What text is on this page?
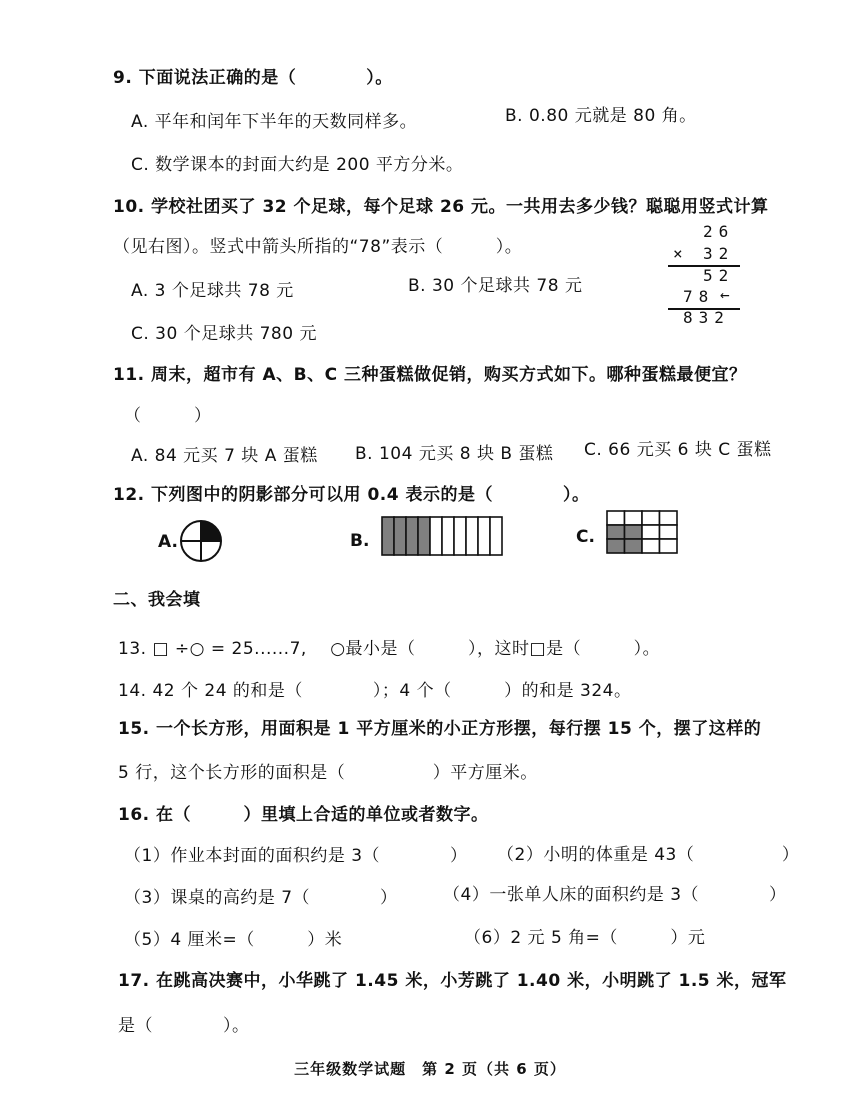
9. 下面说法正确的是（　　　　）。
A. 平年和闰年下半年的天数同样多。	B. 0.80 元就是 80 角。
C. 数学课本的封面大约是 200 平方分米。
10. 学校社团买了 32 个足球，每个足球 26 元。一共用去多少钱？聪聪用竖式计算
（见右图）。竖式中箭头所指的“78”表示（　　　）。
A. 3 个足球共 78 元	B. 30 个足球共 78 元
C. 30 个足球共 780 元
26
× 32
52
78 ←
832
11. 周末，超市有 A、B、C 三种蛋糕做促销，购买方式如下。哪种蛋糕最便宜？
（　　　）
A. 84 元买 7 块 A 蛋糕 B. 104 元买 8 块 B 蛋糕 C. 66 元买 6 块 C 蛋糕
12. 下列图中的阴影部分可以用 0.4 表示的是（　　　　）。
A.	B.	C.
二、我会填
13. □ ÷○ = 25......7,　 ○最小是（　　　），这时□是（　　　）。
14. 42 个 24 的和是（　　　　）；4 个（　　　）的和是 324。
15. 一个长方形，用面积是 1 平方厘米的小正方形摆，每行摆 15 个，摆了这样的
5 行，这个长方形的面积是（　　　　　）平方厘米。
16. 在（　　　）里填上合适的单位或者数字。
（1）作业本封面的面积约是 3（　　　　） （2）小明的体重是 43（　　　　　）
（3）课桌的高约是 7（　　　　）	（4）一张单人床的面积约是 3（　　　　）
（5）4 厘米=（　　　）米	（6）2 元 5 角=（　　　）元
17. 在跳高决赛中，小华跳了 1.45 米，小芳跳了 1.40 米，小明跳了 1.5 米，冠军
是（　　　　）。
三年级数学试题　第 2 页（共 6 页）
